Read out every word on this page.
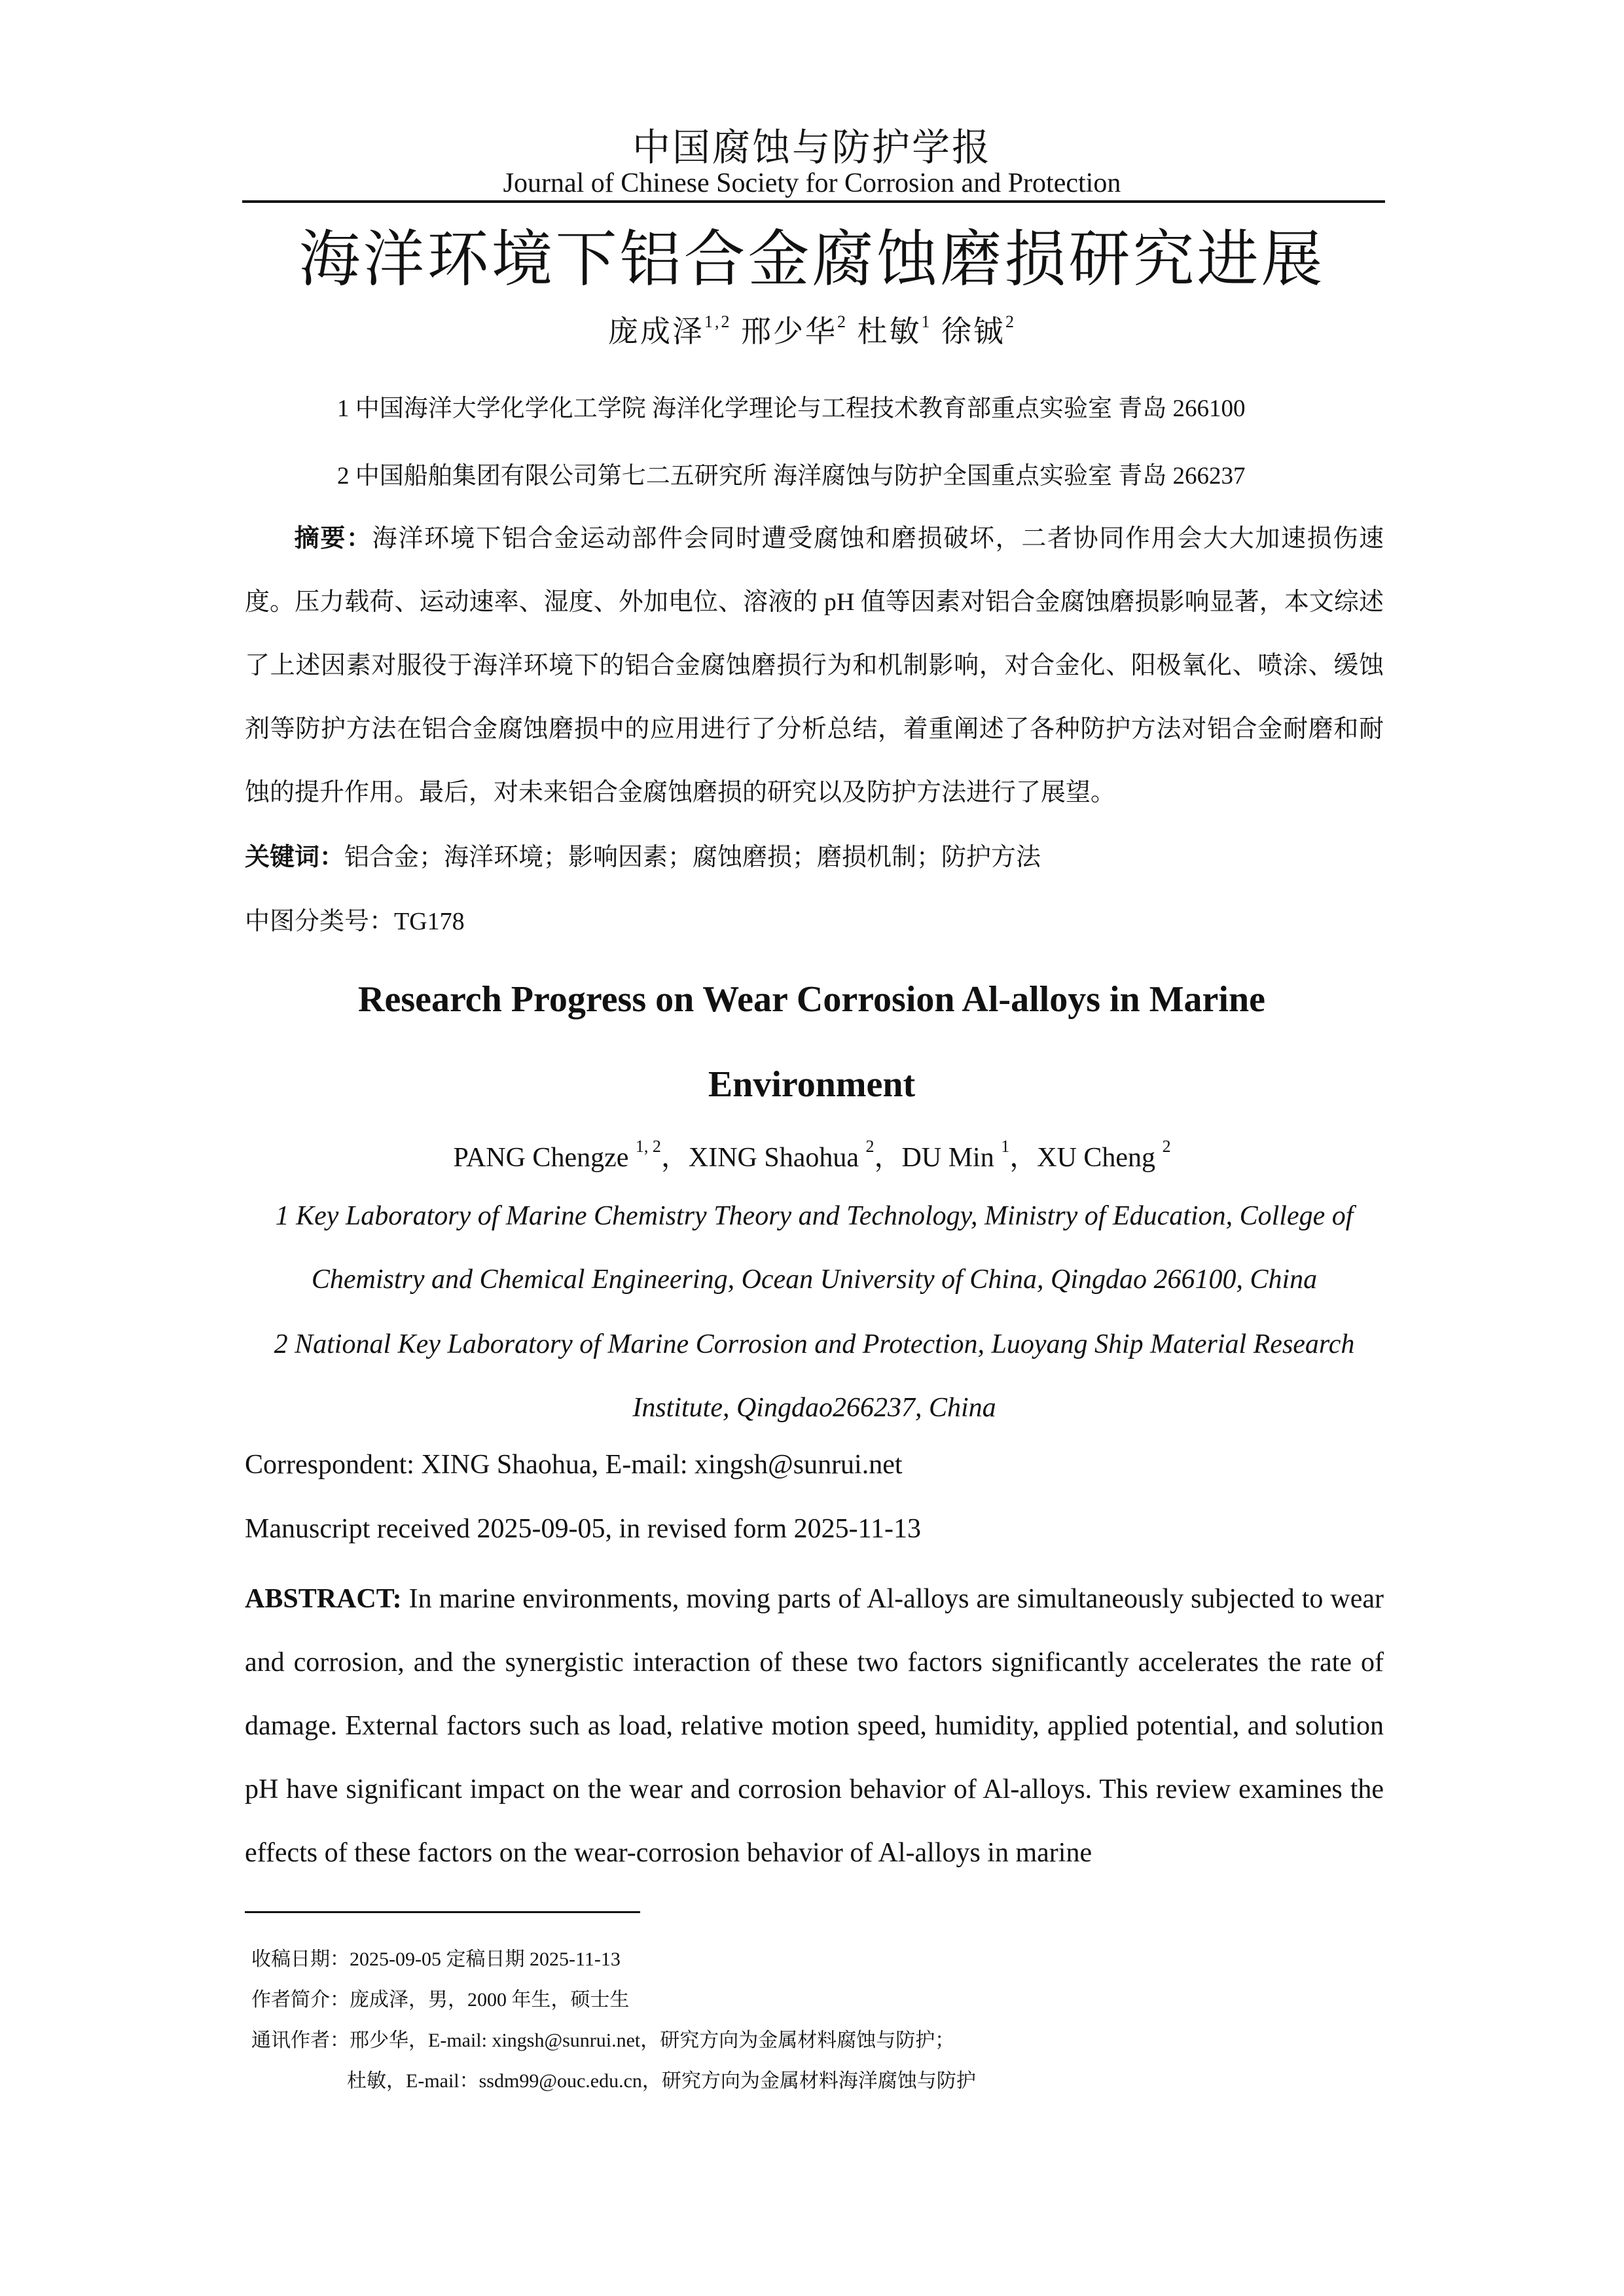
中国腐蚀与防护学报
Journal of Chinese Society for Corrosion and Protection
海洋环境下铝合金腐蚀磨损研究进展
庞成泽$^{1,2}$ 邢少华$^2$ 杜敏$^1$ 徐铖$^2$
1 中国海洋大学化学化工学院 海洋化学理论与工程技术教育部重点实验室 青岛 266100
2 中国船舶集团有限公司第七二五研究所 海洋腐蚀与防护全国重点实验室 青岛 266237
摘要：海洋环境下铝合金运动部件会同时遭受腐蚀和磨损破坏，二者协同作用会大大加速损伤速度。压力载荷、运动速率、湿度、外加电位、溶液的 pH 值等因素对铝合金腐蚀磨损影响显著，本文综述了上述因素对服役于海洋环境下的铝合金腐蚀磨损行为和机制影响，对合金化、阳极氧化、喷涂、缓蚀剂等防护方法在铝合金腐蚀磨损中的应用进行了分析总结，着重阐述了各种防护方法对铝合金耐磨和耐蚀的提升作用。最后，对未来铝合金腐蚀磨损的研究以及防护方法进行了展望。
关键词：铝合金；海洋环境；影响因素；腐蚀磨损；磨损机制；防护方法
中图分类号：TG178
Research Progress on Wear Corrosion Al-alloys in Marine Environment
PANG Chengze $^{1, 2}$，XING Shaohua $^2$，DU Min $^1$，XU Cheng $^2$
1 Key Laboratory of Marine Chemistry Theory and Technology, Ministry of Education, College of Chemistry and Chemical Engineering, Ocean University of China, Qingdao 266100, China
2 National Key Laboratory of Marine Corrosion and Protection, Luoyang Ship Material Research Institute, Qingdao266237, China
Correspondent: XING Shaohua, E-mail: xingsh@sunrui.net
Manuscript received 2025-09-05, in revised form 2025-11-13
ABSTRACT: In marine environments, moving parts of Al-alloys are simultaneously subjected to wear and corrosion, and the synergistic interaction of these two factors significantly accelerates the rate of damage. External factors such as load, relative motion speed, humidity, applied potential, and solution pH have significant impact on the wear and corrosion behavior of Al-alloys. This review examines the effects of these factors on the wear-corrosion behavior of Al-alloys in marine
收稿日期：2025-09-05 定稿日期 2025-11-13
作者简介：庞成泽，男，2000 年生，硕士生
通讯作者：邢少华，E-mail: xingsh@sunrui.net，研究方向为金属材料腐蚀与防护；
杜敏，E-mail：ssdm99@ouc.edu.cn，研究方向为金属材料海洋腐蚀与防护
